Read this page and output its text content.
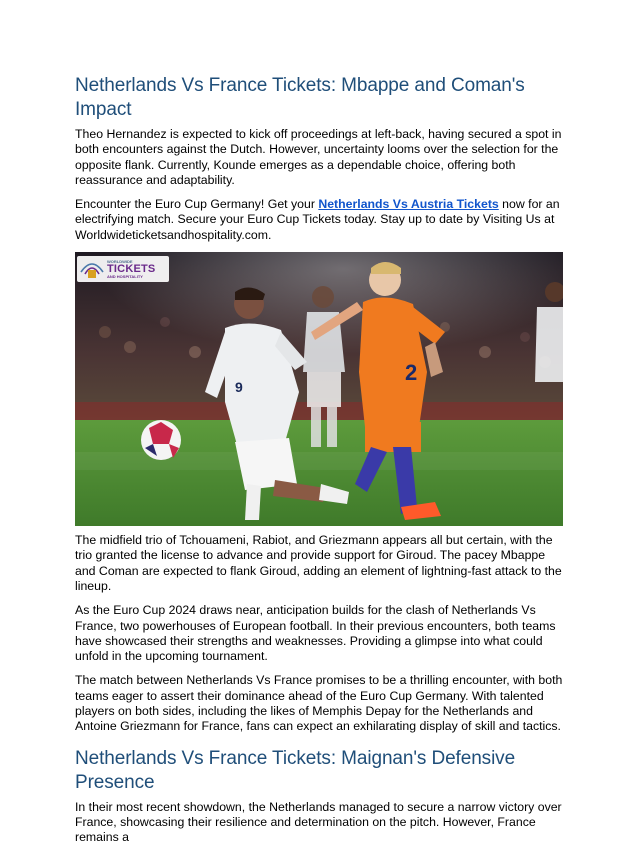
Netherlands Vs France Tickets: Mbappe and Coman's Impact

Theo Hernandez is expected to kick off proceedings at left-back, having secured a spot in both encounters against the Dutch. However, uncertainty looms over the selection for the opposite flank. Currently, Kounde emerges as a dependable choice, offering both reassurance and adaptability.

Encounter the Euro Cup Germany! Get your Netherlands Vs Austria Tickets now for an electrifying match. Secure your Euro Cup Tickets today. Stay up to date by Visiting Us at Worldwideticketsandhospitality.com.

2
9
WORLDWIDE
TICKETS
AND HOSPITALITY

The midfield trio of Tchouameni, Rabiot, and Griezmann appears all but certain, with the trio granted the license to advance and provide support for Giroud. The pacey Mbappe and Coman are expected to flank Giroud, adding an element of lightning-fast attack to the lineup.

As the Euro Cup 2024 draws near, anticipation builds for the clash of Netherlands Vs France, two powerhouses of European football. In their previous encounters, both teams have showcased their strengths and weaknesses. Providing a glimpse into what could unfold in the upcoming tournament.

The match between Netherlands Vs France promises to be a thrilling encounter, with both teams eager to assert their dominance ahead of the Euro Cup Germany. With talented players on both sides, including the likes of Memphis Depay for the Netherlands and Antoine Griezmann for France, fans can expect an exhilarating display of skill and tactics.

Netherlands Vs France Tickets: Maignan's Defensive Presence

In their most recent showdown, the Netherlands managed to secure a narrow victory over France, showcasing their resilience and determination on the pitch. However, France remains a
